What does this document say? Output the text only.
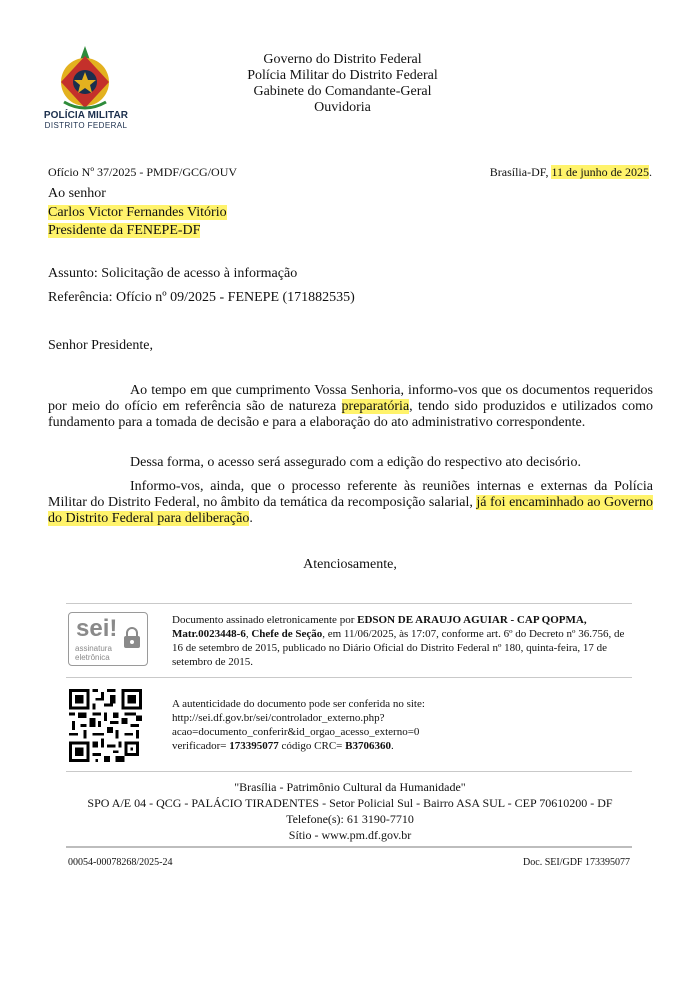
POLÍCIA MILITAR
DISTRITO FEDERAL
Governo do Distrito Federal
Polícia Militar do Distrito Federal
Gabinete do Comandante-Geral
Ouvidoria
Ofício Nº 37/2025 - PMDF/GCG/OUV	Brasília-DF, 11 de junho de 2025.
Ao senhor
Carlos Victor Fernandes Vitório
Presidente da FENEPE-DF
Assunto: Solicitação de acesso à informação
Referência: Ofício nº 09/2025 - FENEPE (171882535)
Senhor Presidente,
Ao tempo em que cumprimento Vossa Senhoria, informo-vos que os documentos requeridos por meio do ofício em referência são de natureza preparatória, tendo sido produzidos e utilizados como fundamento para a tomada de decisão e para a elaboração do ato administrativo correspondente.
Dessa forma, o acesso será assegurado com a edição do respectivo ato decisório.
Informo-vos, ainda, que o processo referente às reuniões internas e externas da Polícia Militar do Distrito Federal, no âmbito da temática da recomposição salarial, já foi encaminhado ao Governo do Distrito Federal para deliberação.
Atenciosamente,
sei!
assinatura
eletrônica
Documento assinado eletronicamente por EDSON DE ARAUJO AGUIAR - CAP QOPMA, Matr.0023448-6, Chefe de Seção, em 11/06/2025, às 17:07, conforme art. 6º do Decreto nº 36.756, de 16 de setembro de 2015, publicado no Diário Oficial do Distrito Federal nº 180, quinta-feira, 17 de setembro de 2015.
A autenticidade do documento pode ser conferida no site:
http://sei.df.gov.br/sei/controlador_externo.php?
acao=documento_conferir&id_orgao_acesso_externo=0
verificador= 173395077 código CRC= B3706360.
"Brasília - Patrimônio Cultural da Humanidade"
SPO A/E 04 - QCG - PALÁCIO TIRADENTES - Setor Policial Sul - Bairro ASA SUL - CEP 70610200 - DF
Telefone(s): 61 3190-7710
Sítio - www.pm.df.gov.br
00054-00078268/2025-24	Doc. SEI/GDF 173395077
